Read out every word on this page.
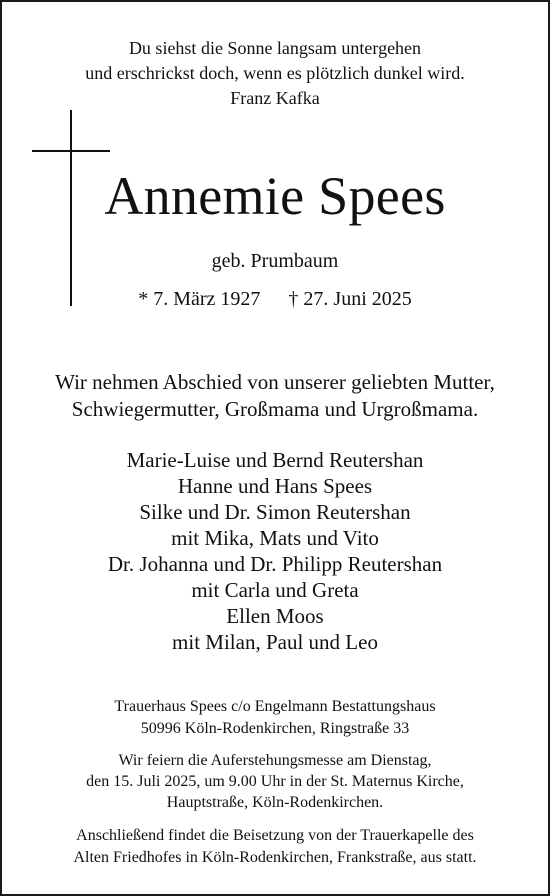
Du siehst die Sonne langsam untergehen
und erschrickst doch, wenn es plötzlich dunkel wird.
Franz Kafka
Annemie Spees
geb. Prumbaum
* 7. März 1927 † 27. Juni 2025
Wir nehmen Abschied von unserer geliebten Mutter,
Schwiegermutter, Großmama und Urgroßmama.
Marie-Luise und Bernd Reutershan
Hanne und Hans Spees
Silke und Dr. Simon Reutershan
mit Mika, Mats und Vito
Dr. Johanna und Dr. Philipp Reutershan
mit Carla und Greta
Ellen Moos
mit Milan, Paul und Leo
Trauerhaus Spees c/o Engelmann Bestattungshaus
50996 Köln-Rodenkirchen, Ringstraße 33
Wir feiern die Auferstehungsmesse am Dienstag,
den 15. Juli 2025, um 9.00 Uhr in der St. Maternus Kirche,
Hauptstraße, Köln-Rodenkirchen.
Anschließend findet die Beisetzung von der Trauerkapelle des
Alten Friedhofes in Köln-Rodenkirchen, Frankstraße, aus statt.
